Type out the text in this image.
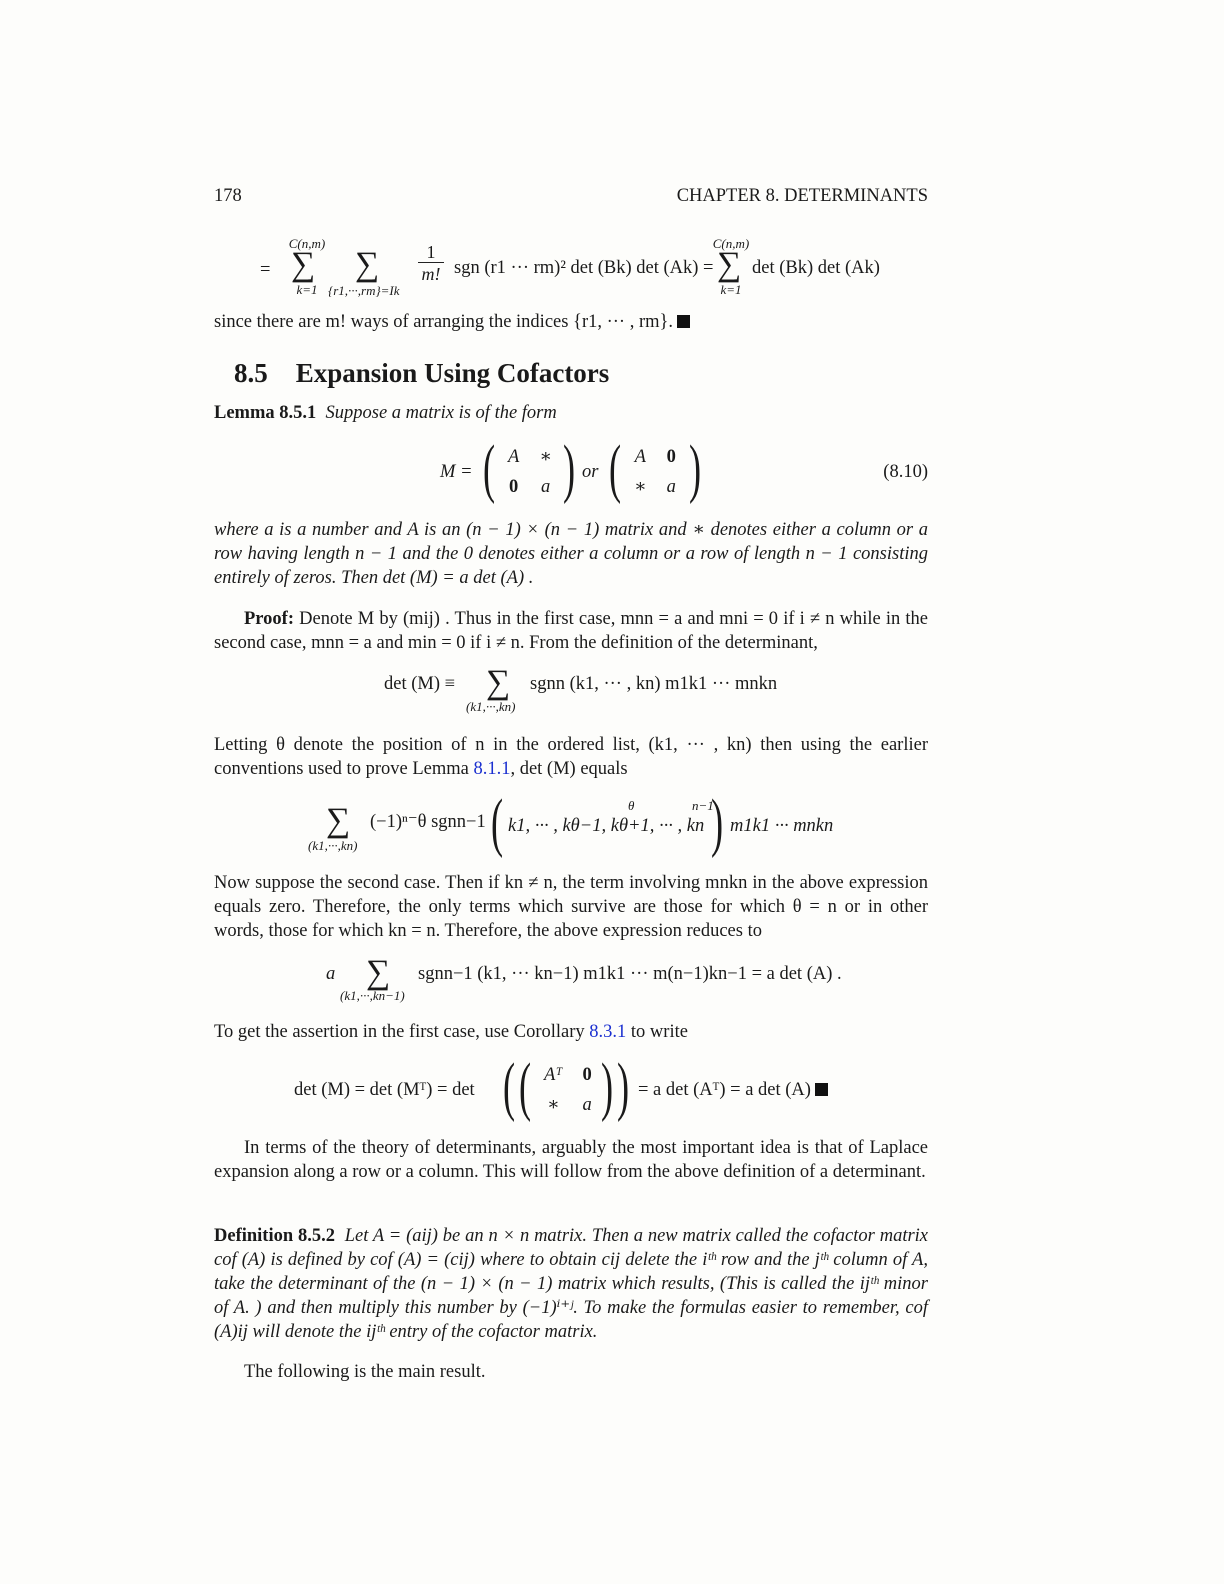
178	CHAPTER 8. DETERMINANTS
=
C(n,m)
∑
k=1
∑
{r1,···,rm}=Ik
1
m! sgn (r1 ··· rm)² det (Bk) det (Ak) =
C(n,m)
∑
k=1
det (Bk) det (Ak)
since there are m! ways of arranging the indices {r1, ··· , rm}.
8.5 Expansion Using Cofactors
Lemma 8.5.1 Suppose a matrix is of the form
M = ( A	∗
0	a ) or ( A	0
∗	a )	(8.10)
where a is a number and A is an (n − 1) × (n − 1) matrix and ∗ denotes either a column or a row having length n − 1 and the 0 denotes either a column or a row of length n − 1 consisting entirely of zeros. Then det (M) = a det (A) .
Proof: Denote M by (mij) . Thus in the first case, mnn = a and mni = 0 if i ≠ n while in the second case, mnn = a and min = 0 if i ≠ n. From the definition of the determinant,
det (M) ≡ ∑
(k1,···,kn)
sgnn (k1, ··· , kn) m1k1 ··· mnkn
Letting θ denote the position of n in the ordered list, (k1, ··· , kn) then using the earlier conventions used to prove Lemma 8.1.1, det (M) equals
∑
(k1,···,kn)
(−1)ⁿ⁻θ sgnn−1 (	θ	n−1
k1, ··· , kθ−1, kθ+1, ··· , kn ) m1k1 ··· mnkn
Now suppose the second case. Then if kn ≠ n, the term involving mnkn in the above expression equals zero. Therefore, the only terms which survive are those for which θ = n or in other words, those for which kn = n. Therefore, the above expression reduces to
a ∑
(k1,···,kn−1)
sgnn−1 (k1, ··· kn−1) m1k1 ··· m(n−1)kn−1 = a det (A) .
To get the assertion in the first case, use Corollary 8.3.1 to write
det (M) = det (Mᵀ) = det ( ( Aᵀ	0
∗	a ) ) = a det (Aᵀ) = a det (A)
In terms of the theory of determinants, arguably the most important idea is that of Laplace expansion along a row or a column. This will follow from the above definition of a determinant.
Definition 8.5.2 Let A = (aij) be an n × n matrix. Then a new matrix called the cofactor matrix cof (A) is defined by cof (A) = (cij) where to obtain cij delete the iᵗʰ row and the jᵗʰ column of A, take the determinant of the (n − 1) × (n − 1) matrix which results, (This is called the ijᵗʰ minor of A. ) and then multiply this number by (−1)ⁱ⁺ʲ. To make the formulas easier to remember, cof (A)ij will denote the ijᵗʰ entry of the cofactor matrix.
The following is the main result.
